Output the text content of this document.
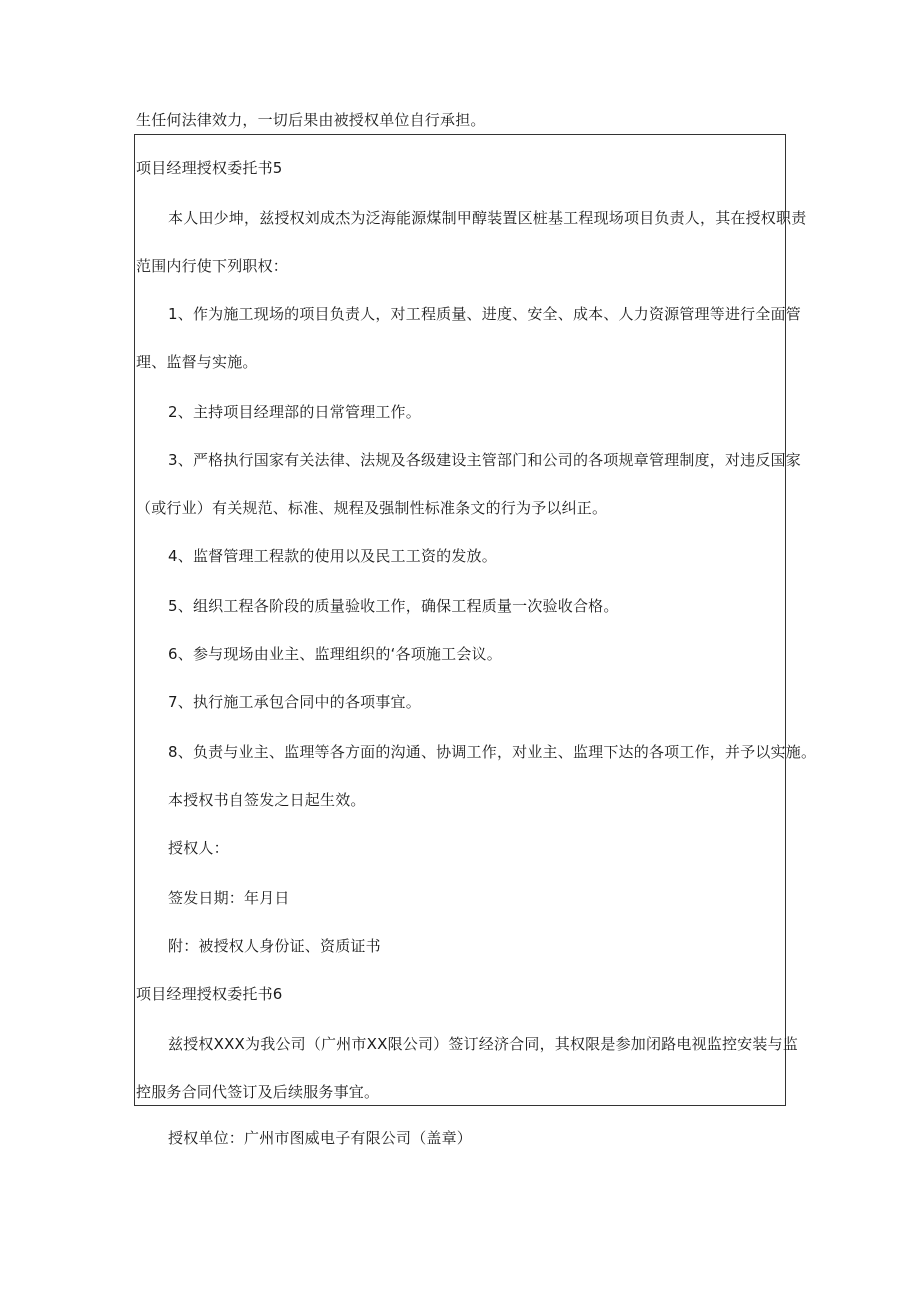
生任何法律效力，一切后果由被授权单位自行承担。
项目经理授权委托书5
本人田少坤，兹授权刘成杰为泛海能源煤制甲醇装置区桩基工程现场项目负责人，其在授权职责
范围内行使下列职权：
1、作为施工现场的项目负责人，对工程质量、进度、安全、成本、人力资源管理等进行全面管
理、监督与实施。
2、主持项目经理部的日常管理工作。
3、严格执行国家有关法律、法规及各级建设主管部门和公司的各项规章管理制度，对违反国家
（或行业）有关规范、标准、规程及强制性标准条文的行为予以纠正。
4、监督管理工程款的使用以及民工工资的发放。
5、组织工程各阶段的质量验收工作，确保工程质量一次验收合格。
6、参与现场由业主、监理组织的‘各项施工会议。
7、执行施工承包合同中的各项事宜。
8、负责与业主、监理等各方面的沟通、协调工作，对业主、监理下达的各项工作，并予以实施。
本授权书自签发之日起生效。
授权人：
签发日期：年月日
附：被授权人身份证、资质证书
项目经理授权委托书6
兹授权XXX为我公司（广州市XX限公司）签订经济合同，其权限是参加闭路电视监控安装与监
控服务合同代签订及后续服务事宜。
授权单位：广州市图威电子有限公司（盖章）
